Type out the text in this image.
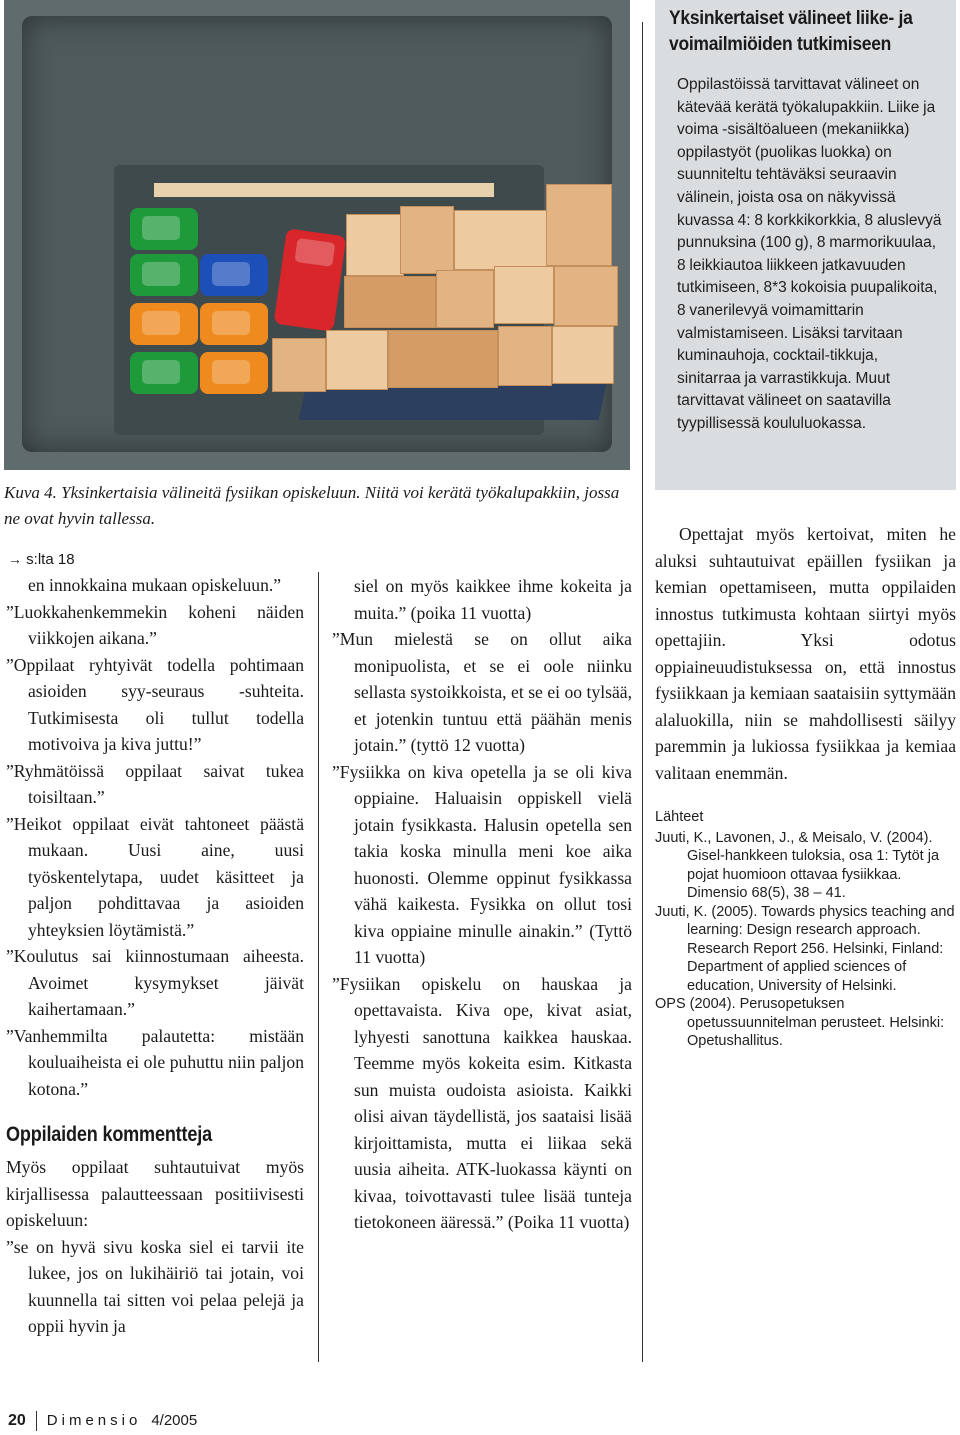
Kuva 4. Yksinkertaisia välineitä fysiikan opiskeluun. Niitä voi kerätä työkalupakkiin, jossa ne ovat hyvin tallessa.
Yksinkertaiset välineet liike- ja voimailmiöiden tutkimiseen
Oppilastöissä tarvittavat välineet on kätevää kerätä työkalupakkiin. Liike ja voima -sisältöalueen (mekaniikka) oppilastyöt (puolikas luokka) on suunniteltu tehtäväksi seuraavin välinein, joista osa on näkyvissä kuvassa 4: 8 korkkikorkkia, 8 aluslevyä punnuksina (100 g), 8 marmorikuulaa, 8 leikkiautoa liikkeen jatkavuuden tutkimiseen, 8*3 kokoisia puupalikoita, 8 vanerilevyä voimamittarin valmistamiseen. Lisäksi tarvitaan kuminauhoja, cocktail-tikkuja, sinitarraa ja varrastikkuja. Muut tarvittavat välineet on saatavilla tyypillisessä koululuokassa.
→ s:lta 18

en innokkaina mukaan opiskeluun.”

”Luokkahenkemmekin koheni näiden viikkojen aikana.”

”Oppilaat ryhtyivät todella pohtimaan asioiden syy-seuraus -suhteita. Tutkimisesta oli tullut todella motivoiva ja kiva juttu!”

”Ryhmätöissä oppilaat saivat tukea toisiltaan.”

”Heikot oppilaat eivät tahtoneet päästä mukaan. Uusi aine, uusi työskentelytapa, uudet käsitteet ja paljon pohdittavaa ja asioiden yhteyksien löytämistä.”

”Koulutus sai kiinnostumaan aiheesta. Avoimet kysymykset jäivät kaihertamaan.”

”Vanhemmilta palautetta: mistään kouluaiheista ei ole puhuttu niin paljon kotona.”

Oppilaiden kommentteja

Myös oppilaat suhtautuivat myös kirjallisessa palautteessaan positiivisesti opiskeluun:

”se on hyvä sivu koska siel ei tarvii ite lukee, jos on lukihäiriö tai jotain, voi kuunnella tai sitten voi pelaa pelejä ja oppii hyvin ja

siel on myös kaikkee ihme kokeita ja muita.” (poika 11 vuotta)

”Mun mielestä se on ollut aika monipuolista, et se ei oole niinku sellasta systoikkoista, et se ei oo tylsää, et jotenkin tuntuu että päähän menis jotain.” (tyttö 12 vuotta)

”Fysiikka on kiva opetella ja se oli kiva oppiaine. Haluaisin oppiskell vielä jotain fysikkasta. Halusin opetella sen takia koska minulla meni koe aika huonosti. Olemme oppinut fysikkassa vähä kaikesta. Fysikka on ollut tosi kiva oppiaine minulle ainakin.” (Tyttö 11 vuotta)

”Fysiikan opiskelu on hauskaa ja opettavaista. Kiva ope, kivat asiat, lyhyesti sanottuna kaikkea hauskaa. Teemme myös kokeita esim. Kitkasta sun muista oudoista asioista. Kaikki olisi aivan täydellistä, jos saataisi lisää kirjoittamista, mutta ei liikaa sekä uusia aiheita. ATK-luokassa käynti on kivaa, toivottavasti tulee lisää tunteja tietokoneen ääressä.” (Poika 11 vuotta)

Opettajat myös kertoivat, miten he aluksi suhtautuivat epäillen fysiikan ja kemian opettamiseen, mutta oppilaiden innostus tutkimusta kohtaan siirtyi myös opettajiin. Yksi odotus oppiaineuudistuksessa on, että innostus fysiikkaan ja kemiaan saataisiin syttymään alaluokilla, niin se mahdollisesti säilyy paremmin ja lukiossa fysiikkaa ja kemiaa valitaan enemmän.

Lähteet

Juuti, K., Lavonen, J., & Meisalo, V. (2004). Gisel-hankkeen tuloksia, osa 1: Tytöt ja pojat huomioon ottavaa fysiikkaa. Dimensio 68(5), 38 – 41.

Juuti, K. (2005). Towards physics teaching and learning: Design research approach. Research Report 256. Helsinki, Finland: Department of applied sciences of education, University of Helsinki.

OPS (2004). Perusopetuksen opetussuunnitelman perusteet. Helsinki: Opetushallitus.

20 Dimensio 4/2005
